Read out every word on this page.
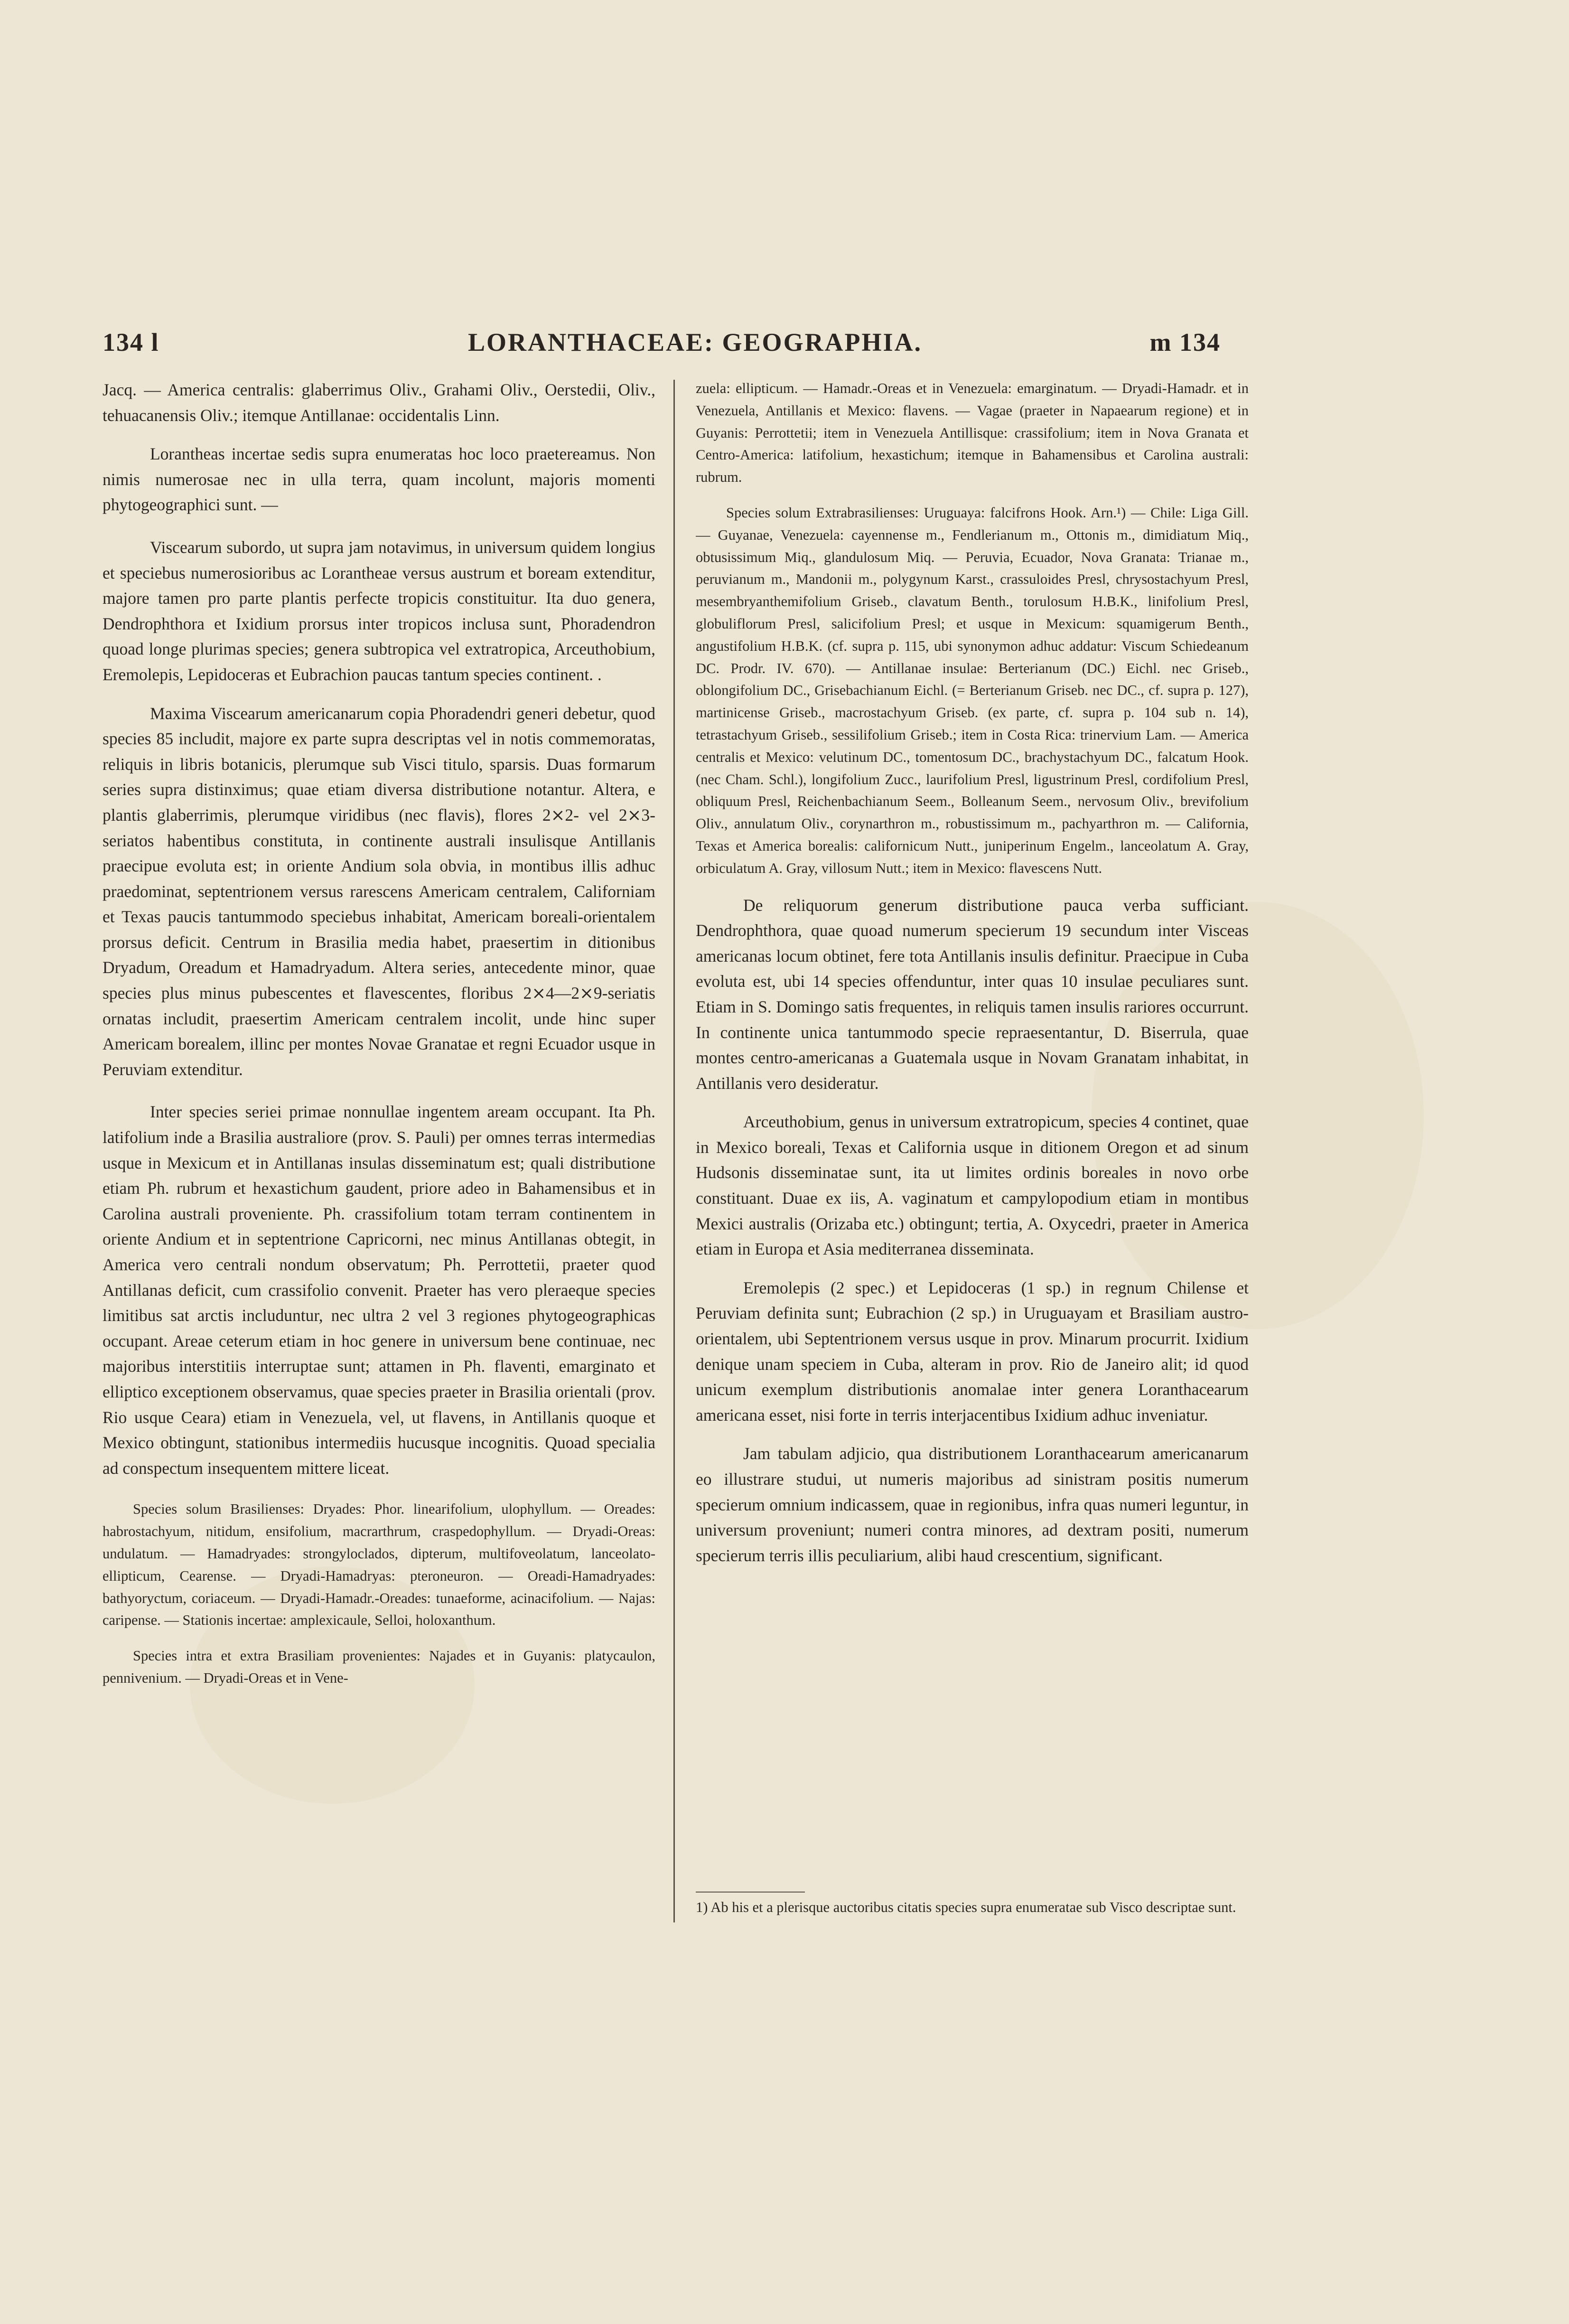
134 l	LORANTHACEAE: GEOGRAPHIA.	m 134

Jacq. — America centralis: glaberrimus Oliv., Grahami Oliv., Oerstedii, Oliv., tehuacanensis Oliv.; itemque Antillanae: occidentalis Linn.

Lorantheas incertae sedis supra enumeratas hoc loco praetereamus. Non nimis numerosae nec in ulla terra, quam incolunt, majoris momenti phytogeographici sunt. —

Viscearum subordo, ut supra jam notavimus, in universum quidem longius et speciebus numerosioribus ac Lorantheae versus austrum et boream extenditur, majore tamen pro parte plantis perfecte tropicis constituitur. Ita duo genera, Dendrophthora et Ixidium prorsus inter tropicos inclusa sunt, Phoradendron quoad longe plurimas species; genera subtropica vel extratropica, Arceuthobium, Eremolepis, Lepidoceras et Eubrachion paucas tantum species continent. .

Maxima Viscearum americanarum copia Phoradendri generi debetur, quod species 85 includit, majore ex parte supra descriptas vel in notis commemoratas, reliquis in libris botanicis, plerumque sub Visci titulo, sparsis. Duas formarum series supra distinximus; quae etiam diversa distributione notantur. Altera, e plantis glaberrimis, plerumque viridibus (nec flavis), flores 2⨯2- vel 2⨯3-seriatos habentibus constituta, in continente australi insulisque Antillanis praecipue evoluta est; in oriente Andium sola obvia, in montibus illis adhuc praedominat, septentrionem versus rarescens Americam centralem, Californiam et Texas paucis tantummodo speciebus inhabitat, Americam boreali-orientalem prorsus deficit. Centrum in Brasilia media habet, praesertim in ditionibus Dryadum, Oreadum et Hamadryadum. Altera series, antecedente minor, quae species plus minus pubescentes et flavescentes, floribus 2⨯4—2⨯9-seriatis ornatas includit, praesertim Americam centralem incolit, unde hinc super Americam borealem, illinc per montes Novae Granatae et regni Ecuador usque in Peruviam extenditur.

Inter species seriei primae nonnullae ingentem aream occupant. Ita Ph. latifolium inde a Brasilia australiore (prov. S. Pauli) per omnes terras intermedias usque in Mexicum et in Antillanas insulas disseminatum est; quali distributione etiam Ph. rubrum et hexastichum gaudent, priore adeo in Bahamensibus et in Carolina australi proveniente. Ph. crassifolium totam terram continentem in oriente Andium et in septentrione Capricorni, nec minus Antillanas obtegit, in America vero centrali nondum observatum; Ph. Perrottetii, praeter quod Antillanas deficit, cum crassifolio convenit. Praeter has vero pleraeque species limitibus sat arctis includuntur, nec ultra 2 vel 3 regiones phytogeographicas occupant. Areae ceterum etiam in hoc genere in universum bene continuae, nec majoribus interstitiis interruptae sunt; attamen in Ph. flaventi, emarginato et elliptico exceptionem observamus, quae species praeter in Brasilia orientali (prov. Rio usque Ceara) etiam in Venezuela, vel, ut flavens, in Antillanis quoque et Mexico obtingunt, stationibus intermediis hucusque incognitis. Quoad specialia ad conspectum insequentem mittere liceat.

Species solum Brasilienses: Dryades: Phor. linearifolium, ulophyllum. — Oreades: habrostachyum, nitidum, ensifolium, macrarthrum, craspedophyllum. — Dryadi-Oreas: undulatum. — Hamadryades: strongyloclados, dipterum, multifoveolatum, lanceolato-ellipticum, Cearense. — Dryadi-Hamadryas: pteroneuron. — Oreadi-Hamadryades: bathyoryctum, coriaceum. — Dryadi-Hamadr.-Oreades: tunaeforme, acinacifolium. — Najas: caripense. — Stationis incertae: amplexicaule, Selloi, holoxanthum.

Species intra et extra Brasiliam provenientes: Najades et in Guyanis: platycaulon, pennivenium. — Dryadi-Oreas et in Vene-

zuela: ellipticum. — Hamadr.-Oreas et in Venezuela: emarginatum. — Dryadi-Hamadr. et in Venezuela, Antillanis et Mexico: flavens. — Vagae (praeter in Napaearum regione) et in Guyanis: Perrottetii; item in Venezuela Antillisque: crassifolium; item in Nova Granata et Centro-America: latifolium, hexastichum; itemque in Bahamensibus et Carolina australi: rubrum.

Species solum Extrabrasilienses: Uruguaya: falcifrons Hook. Arn.¹) — Chile: Liga Gill. — Guyanae, Venezuela: cayennense m., Fendlerianum m., Ottonis m., dimidiatum Miq., obtusissimum Miq., glandulosum Miq. — Peruvia, Ecuador, Nova Granata: Trianae m., peruvianum m., Mandonii m., polygynum Karst., crassuloides Presl, chrysostachyum Presl, mesembryanthemifolium Griseb., clavatum Benth., torulosum H.B.K., linifolium Presl, globuliflorum Presl, salicifolium Presl; et usque in Mexicum: squamigerum Benth., angustifolium H.B.K. (cf. supra p. 115, ubi synonymon adhuc addatur: Viscum Schiedeanum DC. Prodr. IV. 670). — Antillanae insulae: Berterianum (DC.) Eichl. nec Griseb., oblongifolium DC., Grisebachianum Eichl. (= Berterianum Griseb. nec DC., cf. supra p. 127), martinicense Griseb., macrostachyum Griseb. (ex parte, cf. supra p. 104 sub n. 14), tetrastachyum Griseb., sessilifolium Griseb.; item in Costa Rica: trinervium Lam. — America centralis et Mexico: velutinum DC., tomentosum DC., brachystachyum DC., falcatum Hook. (nec Cham. Schl.), longifolium Zucc., laurifolium Presl, ligustrinum Presl, cordifolium Presl, obliquum Presl, Reichenbachianum Seem., Bolleanum Seem., nervosum Oliv., brevifolium Oliv., annulatum Oliv., corynarthron m., robustissimum m., pachyarthron m. — California, Texas et America borealis: californicum Nutt., juniperinum Engelm., lanceolatum A. Gray, orbiculatum A. Gray, villosum Nutt.; item in Mexico: flavescens Nutt.

De reliquorum generum distributione pauca verba sufficiant. Dendrophthora, quae quoad numerum specierum 19 secundum inter Visceas americanas locum obtinet, fere tota Antillanis insulis definitur. Praecipue in Cuba evoluta est, ubi 14 species offenduntur, inter quas 10 insulae peculiares sunt. Etiam in S. Domingo satis frequentes, in reliquis tamen insulis rariores occurrunt. In continente unica tantummodo specie repraesentantur, D. Biserrula, quae montes centro-americanas a Guatemala usque in Novam Granatam inhabitat, in Antillanis vero desideratur.

Arceuthobium, genus in universum extratropicum, species 4 continet, quae in Mexico boreali, Texas et California usque in ditionem Oregon et ad sinum Hudsonis disseminatae sunt, ita ut limites ordinis boreales in novo orbe constituant. Duae ex iis, A. vaginatum et campylopodium etiam in montibus Mexici australis (Orizaba etc.) obtingunt; tertia, A. Oxycedri, praeter in America etiam in Europa et Asia mediterranea disseminata.

Eremolepis (2 spec.) et Lepidoceras (1 sp.) in regnum Chilense et Peruviam definita sunt; Eubrachion (2 sp.) in Uruguayam et Brasiliam austro-orientalem, ubi Septentrionem versus usque in prov. Minarum procurrit. Ixidium denique unam speciem in Cuba, alteram in prov. Rio de Janeiro alit; id quod unicum exemplum distributionis anomalae inter genera Loranthacearum americana esset, nisi forte in terris interjacentibus Ixidium adhuc inveniatur.

Jam tabulam adjicio, qua distributionem Loranthacearum americanarum eo illustrare studui, ut numeris majoribus ad sinistram positis numerum specierum omnium indicassem, quae in regionibus, infra quas numeri leguntur, in universum proveniunt; numeri contra minores, ad dextram positi, numerum specierum terris illis peculiarium, alibi haud crescentium, significant.

1) Ab his et a plerisque auctoribus citatis species supra enumeratae sub Visco descriptae sunt.
